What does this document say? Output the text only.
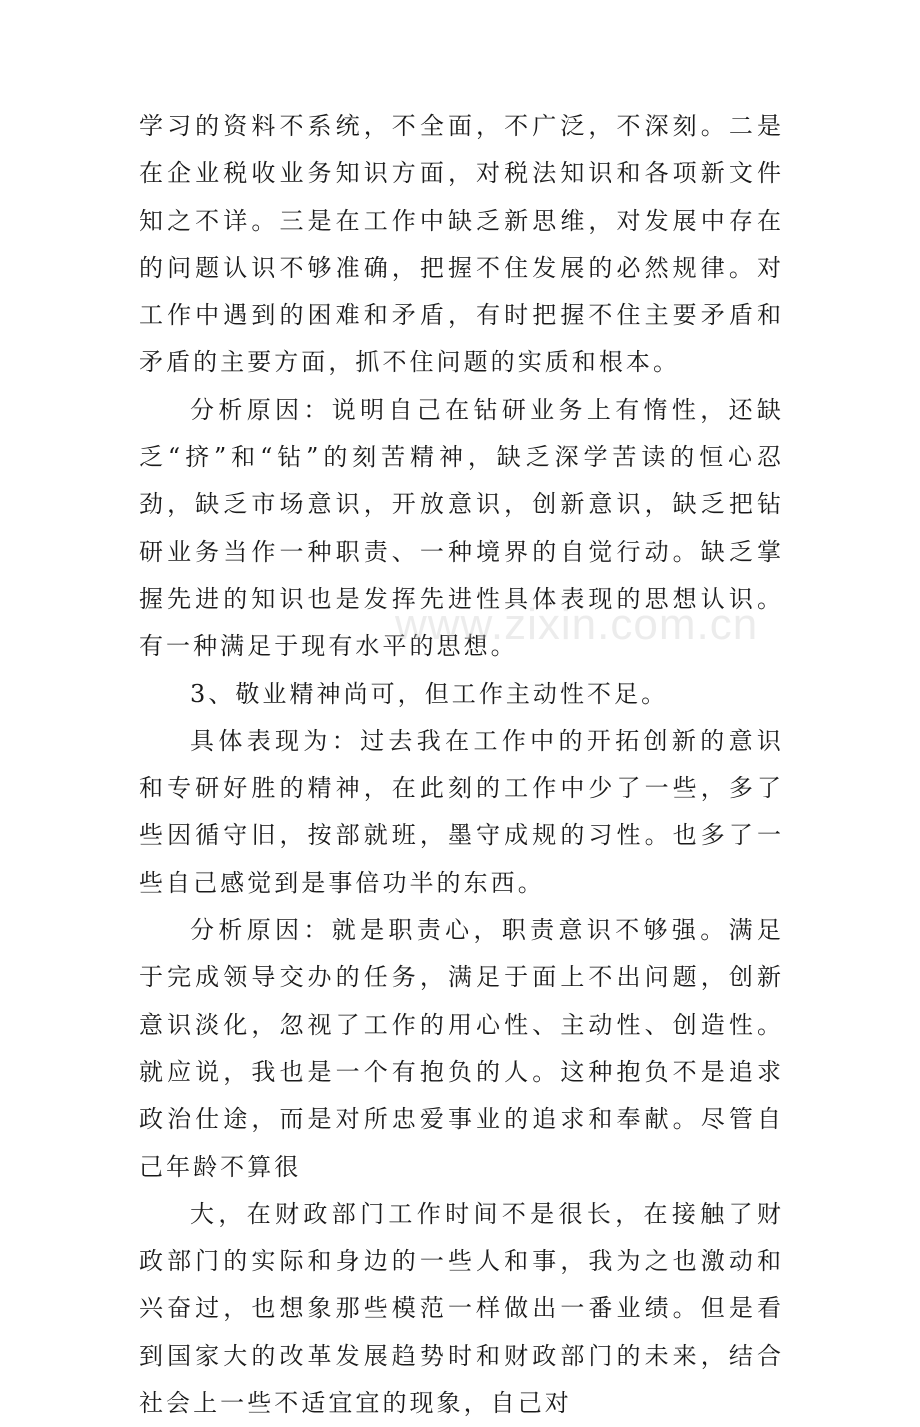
学习的资料不系统，不全面，不广泛，不深刻。二是在企业税收业务知识方面，对税法知识和各项新文件知之不详。三是在工作中缺乏新思维，对发展中存在的问题认识不够准确，把握不住发展的必然规律。对工作中遇到的困难和矛盾，有时把握不住主要矛盾和矛盾的主要方面，抓不住问题的实质和根本。

分析原因：说明自己在钻研业务上有惰性，还缺乏“挤”和“钻”的刻苦精神，缺乏深学苦读的恒心忍劲，缺乏市场意识，开放意识，创新意识，缺乏把钻研业务当作一种职责、一种境界的自觉行动。缺乏掌握先进的知识也是发挥先进性具体表现的思想认识。有一种满足于现有水平的思想。

3、敬业精神尚可，但工作主动性不足。

具体表现为：过去我在工作中的开拓创新的意识和专研好胜的精神，在此刻的工作中少了一些，多了些因循守旧，按部就班，墨守成规的习性。也多了一些自己感觉到是事倍功半的东西。

分析原因：就是职责心，职责意识不够强。满足于完成领导交办的任务，满足于面上不出问题，创新意识淡化，忽视了工作的用心性、主动性、创造性。就应说，我也是一个有抱负的人。这种抱负不是追求政治仕途，而是对所忠爱事业的追求和奉献。尽管自己年龄不算很

大，在财政部门工作时间不是很长，在接触了财政部门的实际和身边的一些人和事，我为之也激动和兴奋过，也想象那些模范一样做出一番业绩。但是看到国家大的改革发展趋势时和财政部门的未来，结合社会上一些不适宜宜的现象，自己对

www.zixin.com.cn
